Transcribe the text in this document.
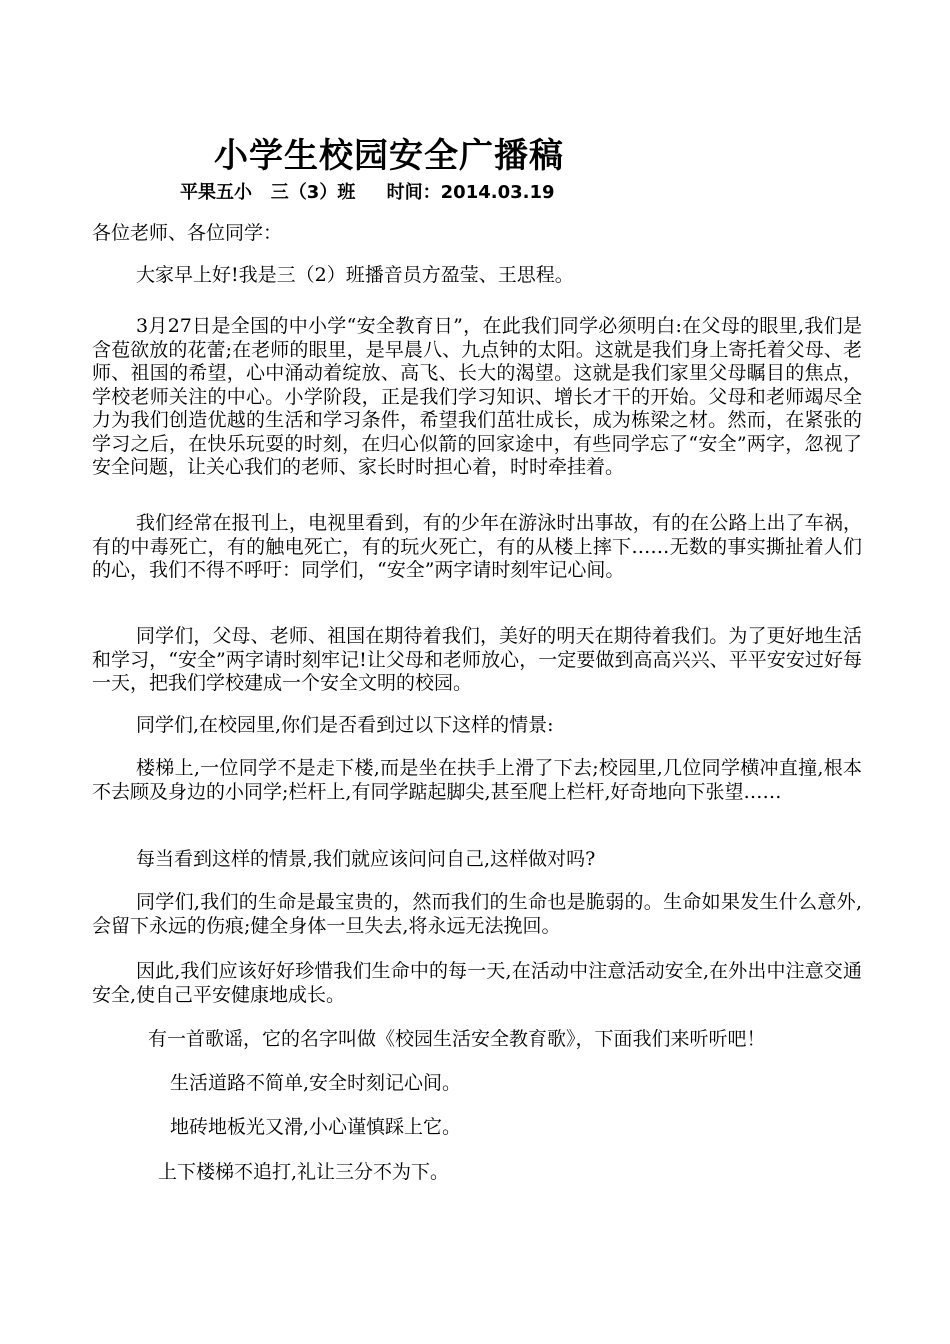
小学生校园安全广播稿
平果五小   三（3）班     时间：2014.03.19
各位老师、各位同学：
大家早上好!我是三（2）班播音员方盈莹、王思程。
3月27日是全国的中小学“安全教育日”，在此我们同学必须明白:在父母的眼里,我们是含苞欲放的花蕾;在老师的眼里，是早晨八、九点钟的太阳。这就是我们身上寄托着父母、老师、祖国的希望，心中涌动着绽放、高飞、长大的渴望。这就是我们家里父母瞩目的焦点，学校老师关注的中心。小学阶段，正是我们学习知识、增长才干的开始。父母和老师竭尽全力为我们创造优越的生活和学习条件，希望我们茁壮成长，成为栋梁之材。然而，在紧张的学习之后，在快乐玩耍的时刻，在归心似箭的回家途中，有些同学忘了“安全”两字，忽视了安全问题，让关心我们的老师、家长时时担心着，时时牵挂着。
我们经常在报刊上，电视里看到，有的少年在游泳时出事故，有的在公路上出了车祸，有的中毒死亡，有的触电死亡，有的玩火死亡，有的从楼上摔下……无数的事实撕扯着人们的心，我们不得不呼吁：同学们，“安全”两字请时刻牢记心间。
同学们，父母、老师、祖国在期待着我们，美好的明天在期待着我们。为了更好地生活和学习，“安全”两字请时刻牢记!让父母和老师放心，一定要做到高高兴兴、平平安安过好每一天，把我们学校建成一个安全文明的校园。
同学们,在校园里,你们是否看到过以下这样的情景:
楼梯上,一位同学不是走下楼,而是坐在扶手上滑了下去;校园里,几位同学横冲直撞,根本不去顾及身边的小同学;栏杆上,有同学踮起脚尖,甚至爬上栏杆,好奇地向下张望……
每当看到这样的情景,我们就应该问问自己,这样做对吗?
同学们,我们的生命是最宝贵的，然而我们的生命也是脆弱的。生命如果发生什么意外,会留下永远的伤痕;健全身体一旦失去,将永远无法挽回。
因此,我们应该好好珍惜我们生命中的每一天,在活动中注意活动安全,在外出中注意交通安全,使自己平安健康地成长。
有一首歌谣，它的名字叫做《校园生活安全教育歌》，下面我们来听听吧！
生活道路不简单,安全时刻记心间。
地砖地板光又滑,小心谨慎踩上它。
上下楼梯不追打,礼让三分不为下。
